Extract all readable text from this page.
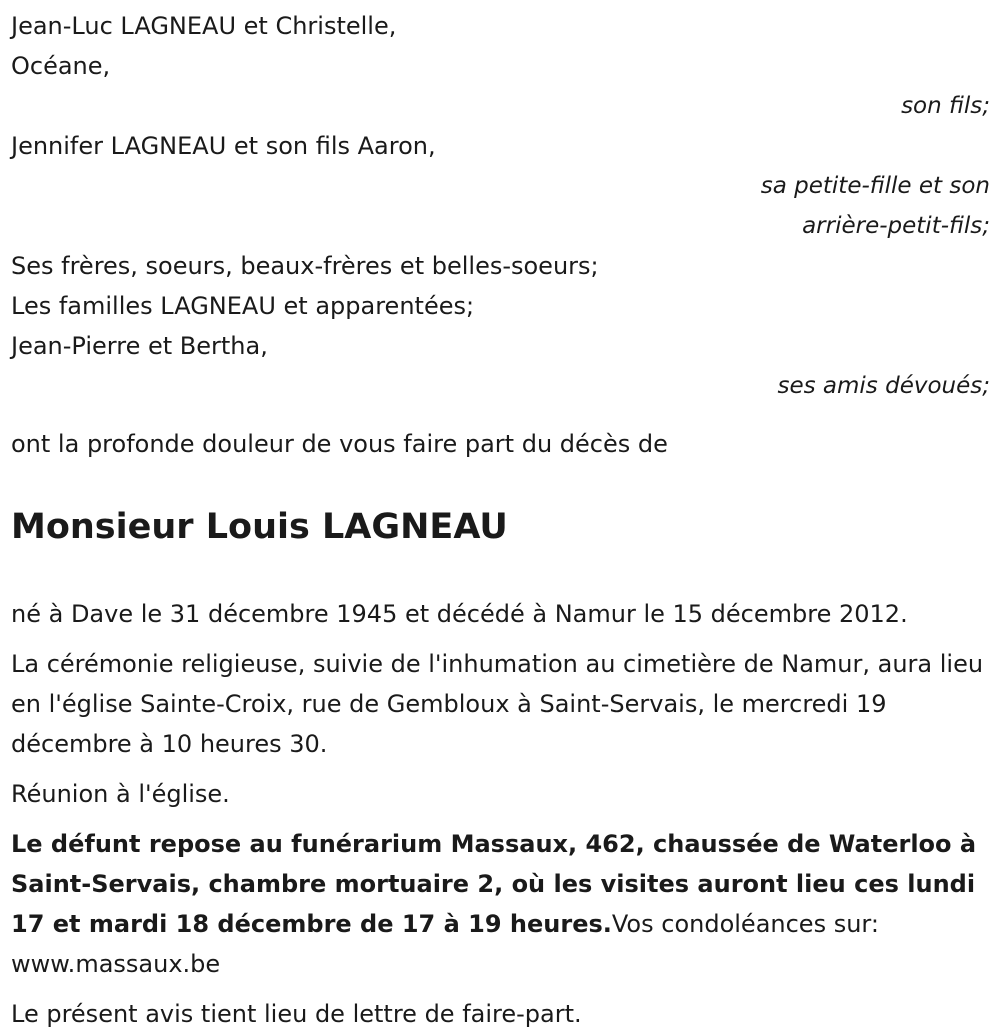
Jean-Luc LAGNEAU et Christelle,

Océane,

son fils;

Jennifer LAGNEAU et son fils Aaron,

sa petite-fille et son

arrière-petit-fils;

Ses frères, soeurs, beaux-frères et belles-soeurs;

Les familles LAGNEAU et apparentées;

Jean-Pierre et Bertha,

ses amis dévoués;

ont la profonde douleur de vous faire part du décès de

Monsieur Louis LAGNEAU

né à Dave le 31 décembre 1945 et décédé à Namur le 15 décembre 2012.

La cérémonie religieuse, suivie de l'inhumation au cimetière de Namur, aura lieu en l'église Sainte-Croix, rue de Gembloux à Saint-Servais, le mercredi 19 décembre à 10 heures 30.

Réunion à l'église.

Le défunt repose au funérarium Massaux, 462, chaussée de Waterloo à Saint-Servais, chambre mortuaire 2, où les visites auront lieu ces lundi 17 et mardi 18 décembre de 17 à 19 heures.Vos condoléances sur: www.massaux.be

Le présent avis tient lieu de lettre de faire-part.
